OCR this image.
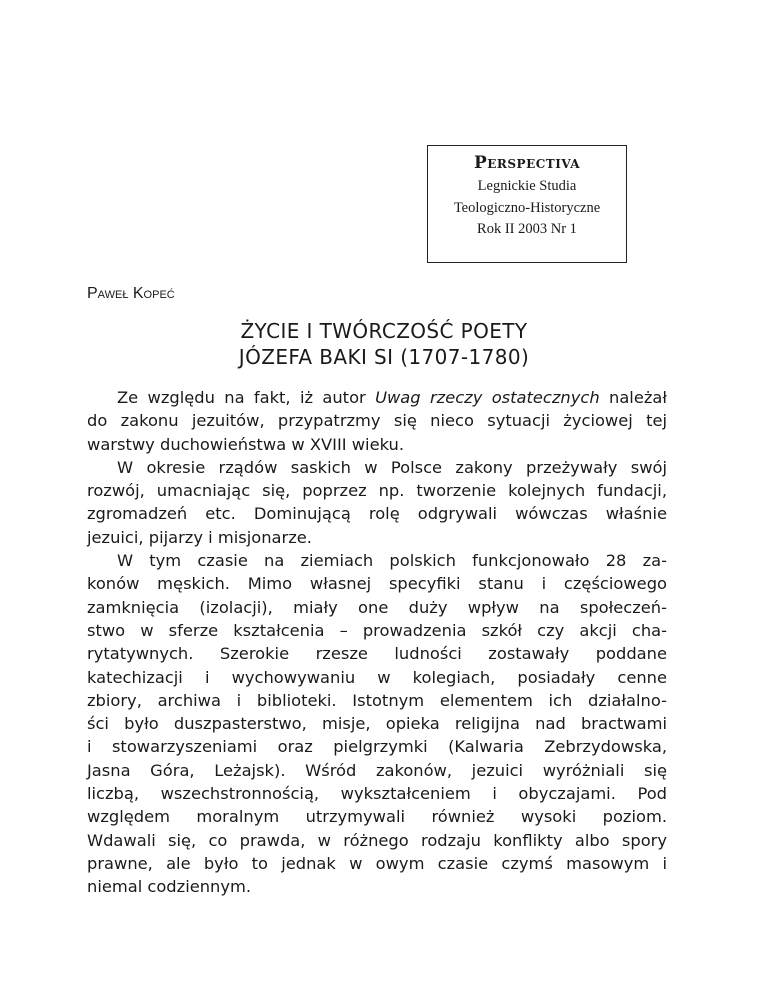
Perspectiva
Legnickie Studia
Teologiczno-Historyczne
Rok II 2003 Nr 1
Paweł Kopeć
ŻYCIE I TWÓRCZOŚĆ POETY
JÓZEFA BAKI SI (1707-1780)
Ze względu na fakt, iż autor Uwag rzeczy ostatecznych należał
do zakonu jezuitów, przypatrzmy się nieco sytuacji życiowej tej
warstwy duchowieństwa w XVIII wieku.
W okresie rządów saskich w Polsce zakony przeżywały swój
rozwój, umacniając się, poprzez np. tworzenie kolejnych fundacji,
zgromadzeń etc. Dominującą rolę odgrywali wówczas właśnie
jezuici, pijarzy i misjonarze.
W tym czasie na ziemiach polskich funkcjonowało 28 za-
konów męskich. Mimo własnej specyfiki stanu i częściowego
zamknięcia (izolacji), miały one duży wpływ na społeczeń-
stwo w sferze kształcenia – prowadzenia szkół czy akcji cha-
rytatywnych. Szerokie rzesze ludności zostawały poddane
katechizacji i wychowywaniu w kolegiach, posiadały cenne
zbiory, archiwa i biblioteki. Istotnym elementem ich działalno-
ści było duszpasterstwo, misje, opieka religijna nad bractwami
i stowarzyszeniami oraz pielgrzymki (Kalwaria Zebrzydowska,
Jasna Góra, Leżajsk). Wśród zakonów, jezuici wyróżniali się
liczbą, wszechstronnością, wykształceniem i obyczajami. Pod
względem moralnym utrzymywali również wysoki poziom.
Wdawali się, co prawda, w różnego rodzaju konflikty albo spory
prawne, ale było to jednak w owym czasie czymś masowym i
niemal codziennym.
